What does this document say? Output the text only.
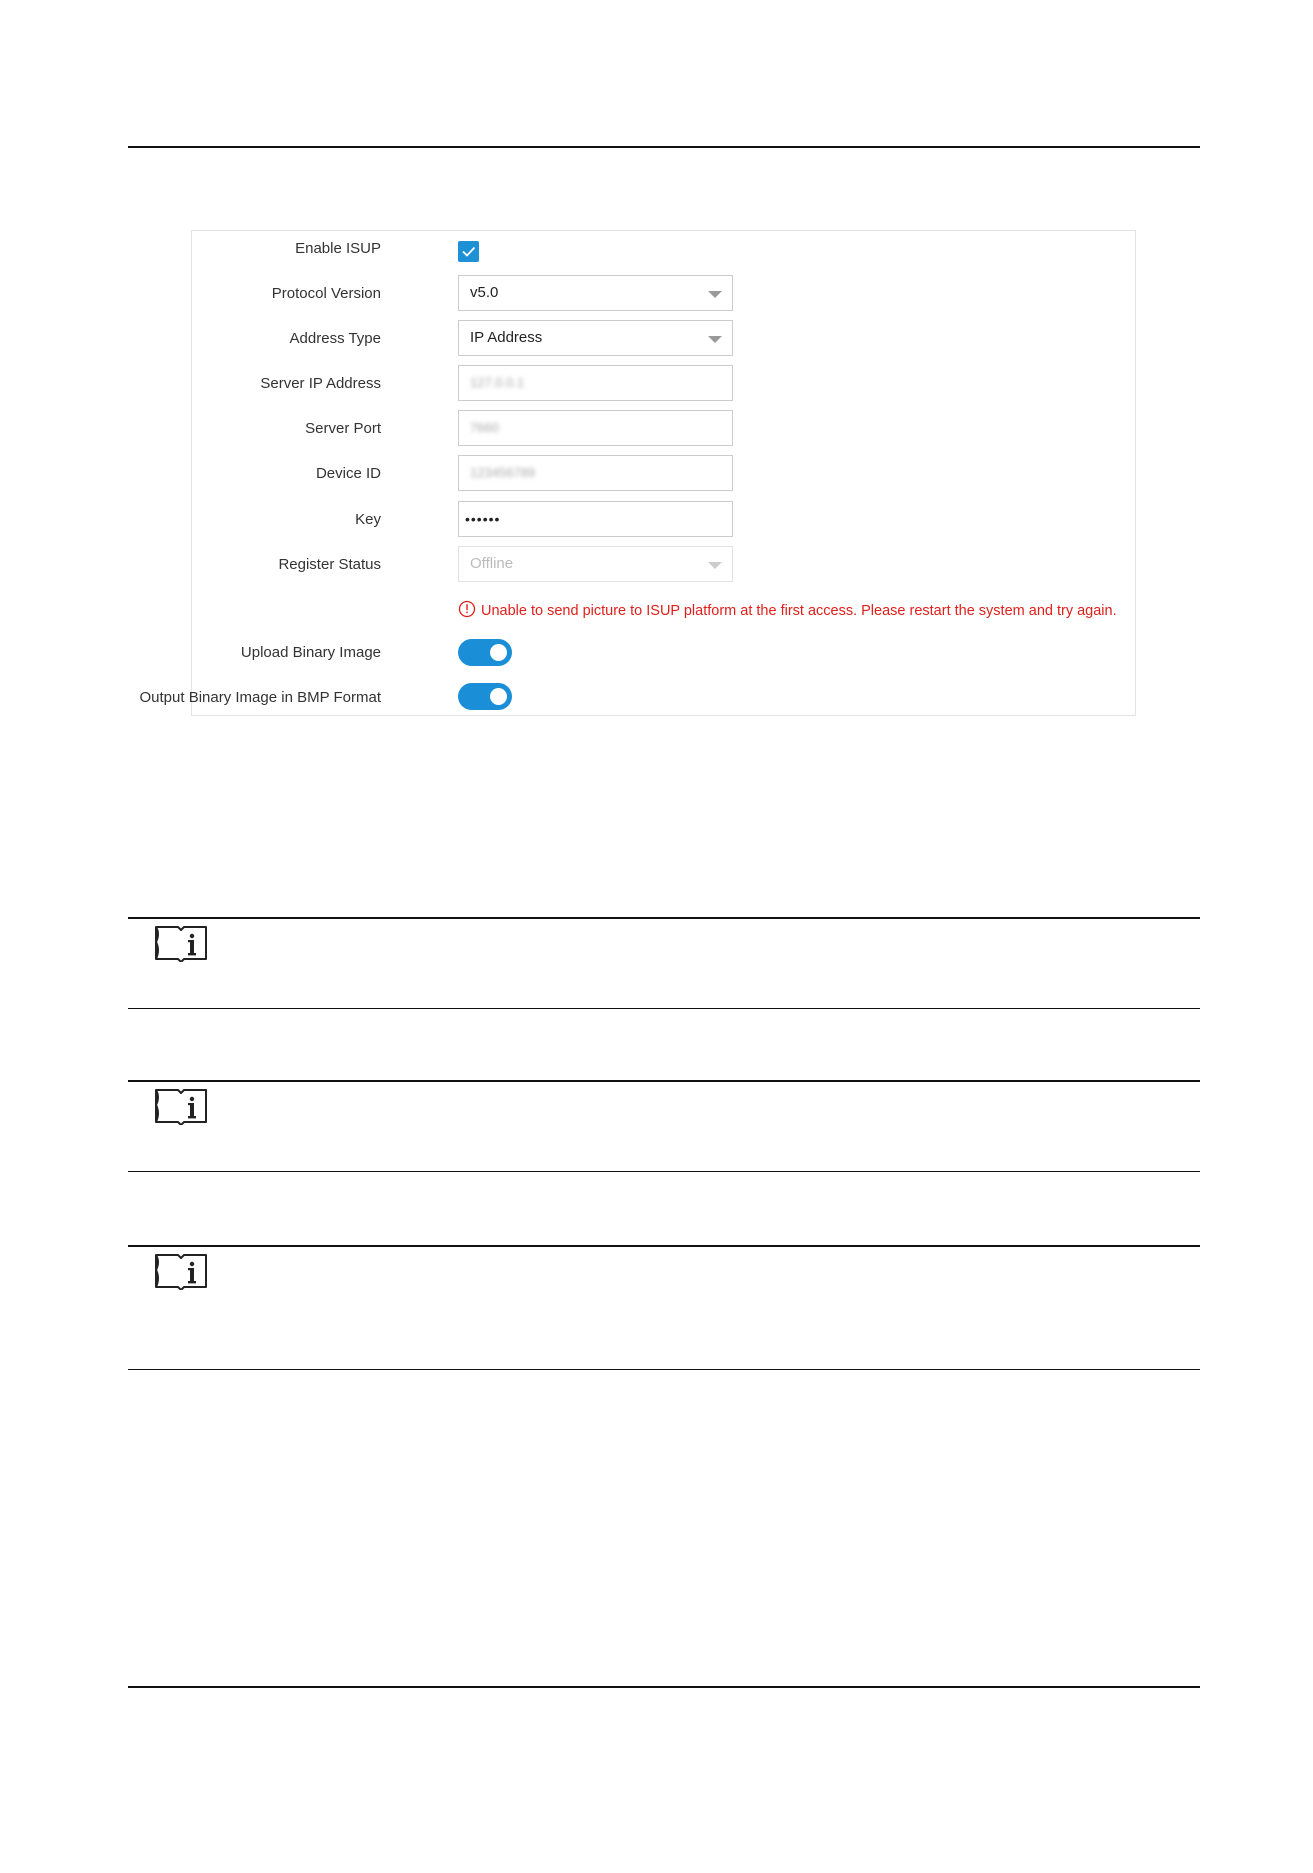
Enable ISUP
Protocol Version	v5.0
Address Type	IP Address
Server IP Address	127.0.0.1
Server Port	7660
Device ID	123456789
Key	••••••
Register Status	Offline
Unable to send picture to ISUP platform at the first access. Please restart the system and try again.
Upload Binary Image
Output Binary Image in BMP Format
